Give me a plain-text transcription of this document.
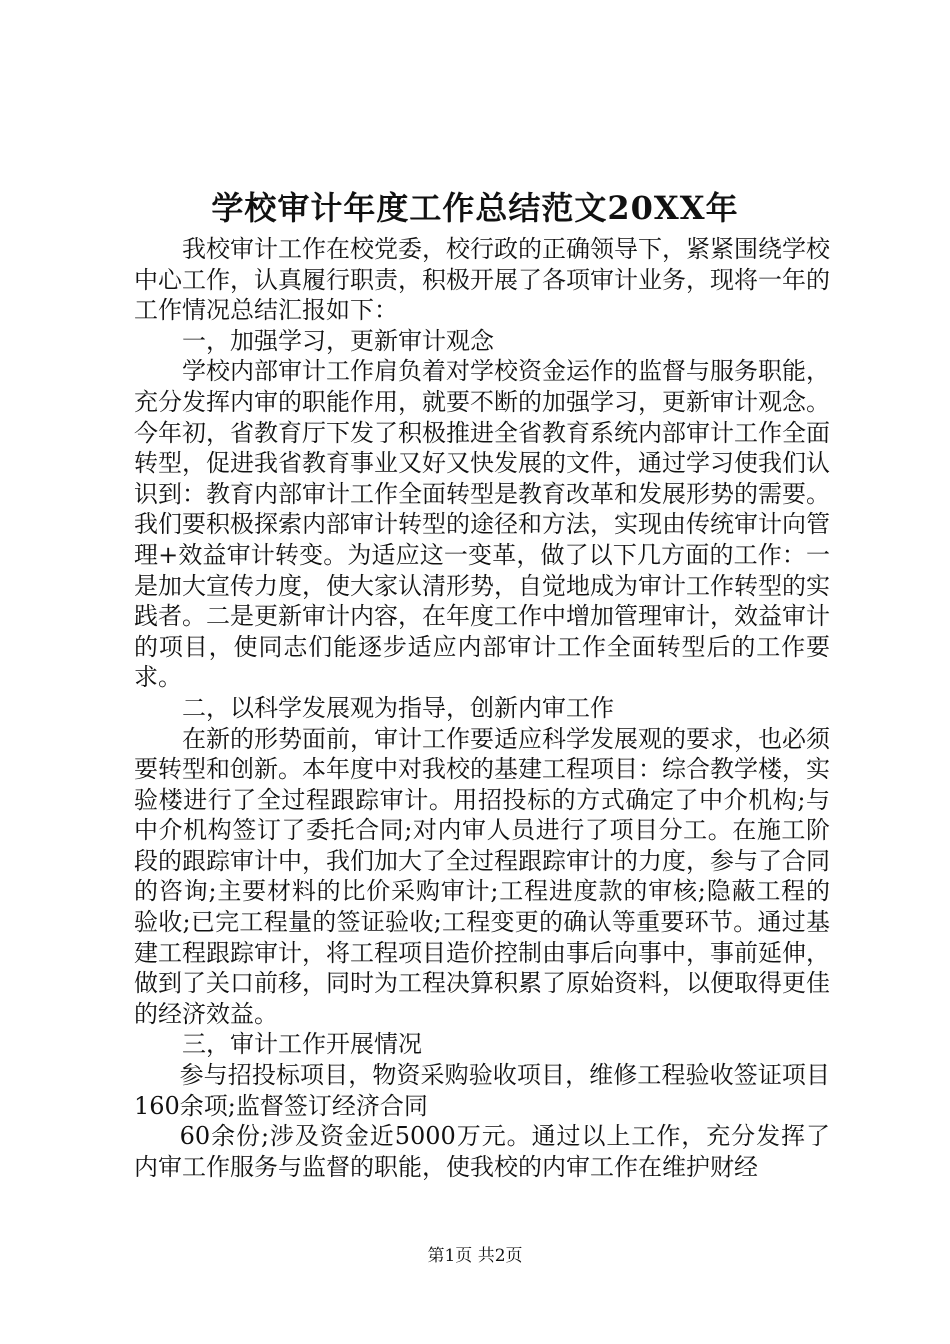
学校审计年度工作总结范文20XX年

我校审计工作在校党委，校行政的正确领导下，紧紧围绕学校中心工作，认真履行职责，积极开展了各项审计业务，现将一年的工作情况总结汇报如下：

一，加强学习，更新审计观念

学校内部审计工作肩负着对学校资金运作的监督与服务职能，充分发挥内审的职能作用，就要不断的加强学习，更新审计观念。今年初，省教育厅下发了积极推进全省教育系统内部审计工作全面转型，促进我省教育事业又好又快发展的文件，通过学习使我们认识到：教育内部审计工作全面转型是教育改革和发展形势的需要。我们要积极探索内部审计转型的途径和方法，实现由传统审计向管理+效益审计转变。为适应这一变革，做了以下几方面的工作：一是加大宣传力度，使大家认清形势，自觉地成为审计工作转型的实践者。二是更新审计内容，在年度工作中增加管理审计，效益审计的项目，使同志们能逐步适应内部审计工作全面转型后的工作要求。

二，以科学发展观为指导，创新内审工作

在新的形势面前，审计工作要适应科学发展观的要求，也必须要转型和创新。本年度中对我校的基建工程项目：综合教学楼，实验楼进行了全过程跟踪审计。用招投标的方式确定了中介机构;与中介机构签订了委托合同;对内审人员进行了项目分工。在施工阶段的跟踪审计中，我们加大了全过程跟踪审计的力度，参与了合同的咨询;主要材料的比价采购审计;工程进度款的审核;隐蔽工程的验收;已完工程量的签证验收;工程变更的确认等重要环节。通过基建工程跟踪审计，将工程项目造价控制由事后向事中，事前延伸，做到了关口前移，同时为工程决算积累了原始资料，以便取得更佳的经济效益。

三，审计工作开展情况

参与招投标项目，物资采购验收项目，维修工程验收签证项目160余项;监督签订经济合同

60余份;涉及资金近5000万元。通过以上工作，充分发挥了内审工作服务与监督的职能，使我校的内审工作在维护财经

第1页 共2页
